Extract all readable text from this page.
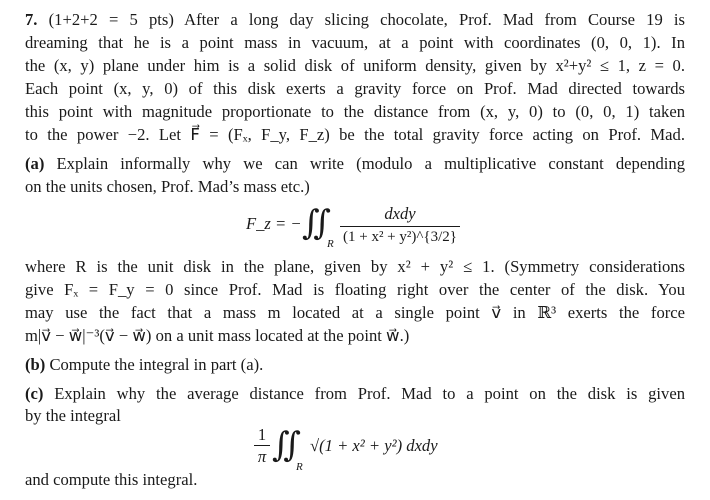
7. (1+2+2 = 5 pts) After a long day slicing chocolate, Prof. Mad from Course 19 is
dreaming that he is a point mass in vacuum, at a point with coordinates (0, 0, 1). In
the (x, y) plane under him is a solid disk of uniform density, given by x²+y² ≤ 1, z = 0.
Each point (x, y, 0) of this disk exerts a gravity force on Prof. Mad directed towards
this point with magnitude proportionate to the distance from (x, y, 0) to (0, 0, 1) taken
to the power −2. Let F⃗ = (Fₓ, F_y, F_z) be the total gravity force acting on Prof. Mad.
(a) Explain informally why we can write (modulo a multiplicative constant depending
on the units chosen, Prof. Mad’s mass etc.)
F_z = − ∬
R
dxdy
(1 + x² + y²)^{3/2}
where R is the unit disk in the plane, given by x² + y² ≤ 1. (Symmetry considerations
give Fₓ = F_y = 0 since Prof. Mad is floating right over the center of the disk. You
may use the fact that a mass m located at a single point v⃗ in ℝ³ exerts the force
m|v⃗ − w⃗|⁻³(v⃗ − w⃗) on a unit mass located at the point w⃗.)
(b) Compute the integral in part (a).
(c) Explain why the average distance from Prof. Mad to a point on the disk is given
by the integral
1
π ∬
R
√(1 + x² + y²) dxdy
and compute this integral.
